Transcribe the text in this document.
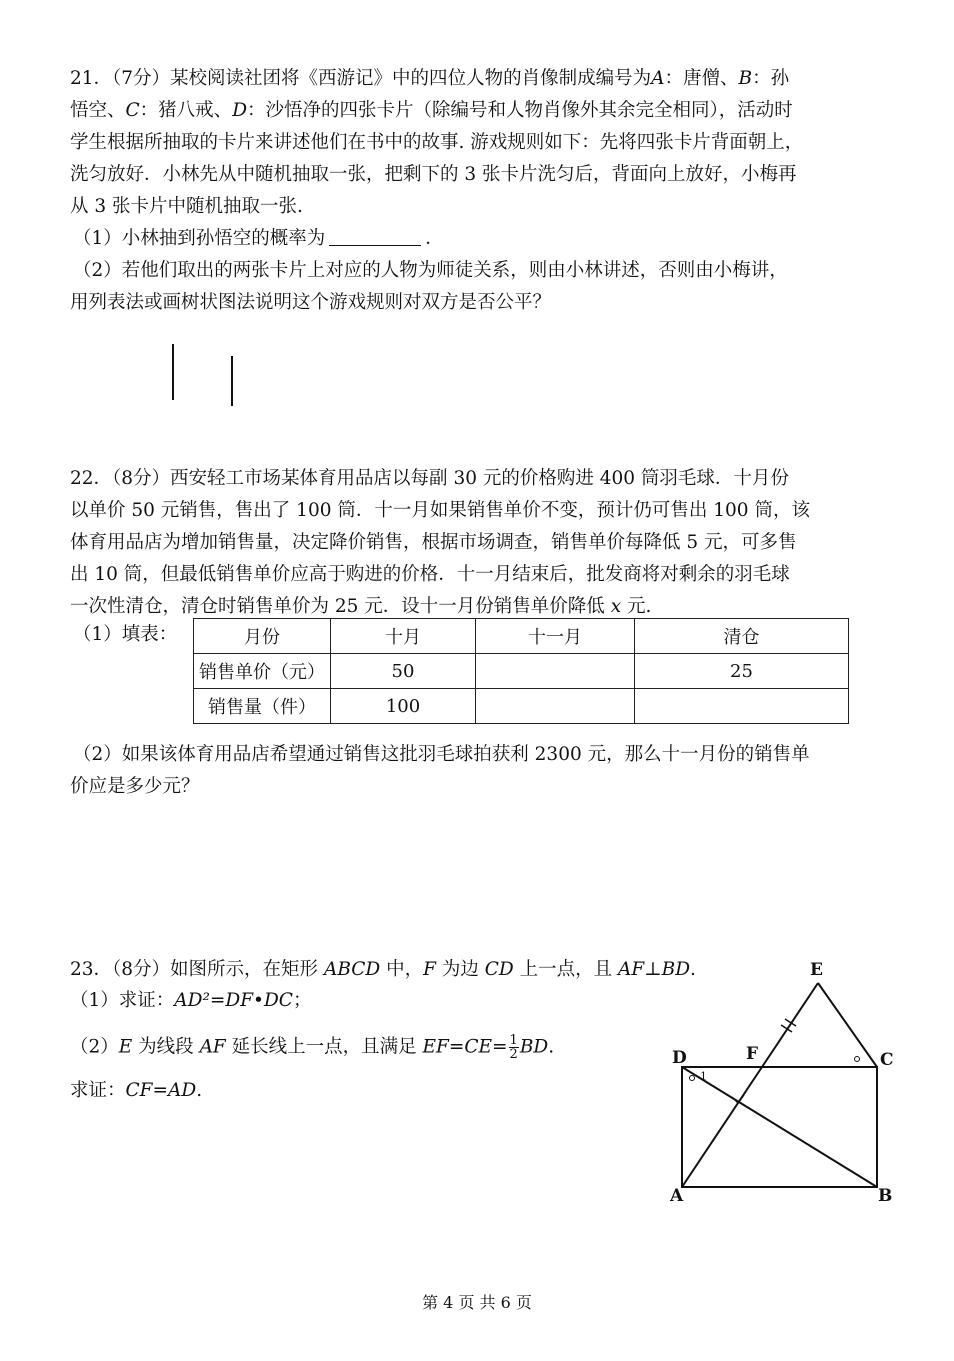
21．（7分）某校阅读社团将《西游记》中的四位人物的肖像制成编号为A：唐僧、B：孙
悟空、C：猪八戒、D：沙悟净的四张卡片（除编号和人物肖像外其余完全相同），活动时
学生根据所抽取的卡片来讲述他们在书中的故事. 游戏规则如下：先将四张卡片背面朝上，
洗匀放好．小林先从中随机抽取一张，把剩下的 3 张卡片洗匀后，背面向上放好，小梅再
从 3 张卡片中随机抽取一张.
（1）小林抽到孙悟空的概率为	．
（2）若他们取出的两张卡片上对应的人物为师徒关系，则由小林讲述，否则由小梅讲，
用列表法或画树状图法说明这个游戏规则对双方是否公平？
22．（8分）西安轻工市场某体育用品店以每副 30 元的价格购进 400 筒羽毛球．十月份
以单价 50 元销售，售出了 100 筒．十一月如果销售单价不变，预计仍可售出 100 筒，该
体育用品店为增加销售量，决定降价销售，根据市场调查，销售单价每降低 5 元，可多售
出 10 筒，但最低销售单价应高于购进的价格．十一月结束后，批发商将对剩余的羽毛球
一次性清仓，清仓时销售单价为 25 元．设十一月份销售单价降低 x 元.
（1）填表：	月份	十月	十一月	清仓
销售单价（元）	50		25
销售量（件）	100		
（2）如果该体育用品店希望通过销售这批羽毛球拍获利 2300 元，那么十一月份的销售单
价应是多少元？
23．（8分）如图所示，在矩形 ABCD 中，F 为边 CD 上一点，且 AF⊥BD.
（1）求证：AD²=DF•DC；
（2）E 为线段 AF 延长线上一点，且满足 $EF=CE= \frac{1}{2}$ BD.
求证：CF=AD.
1
E
D	F	C
A	B
第 4 页 共 6 页
